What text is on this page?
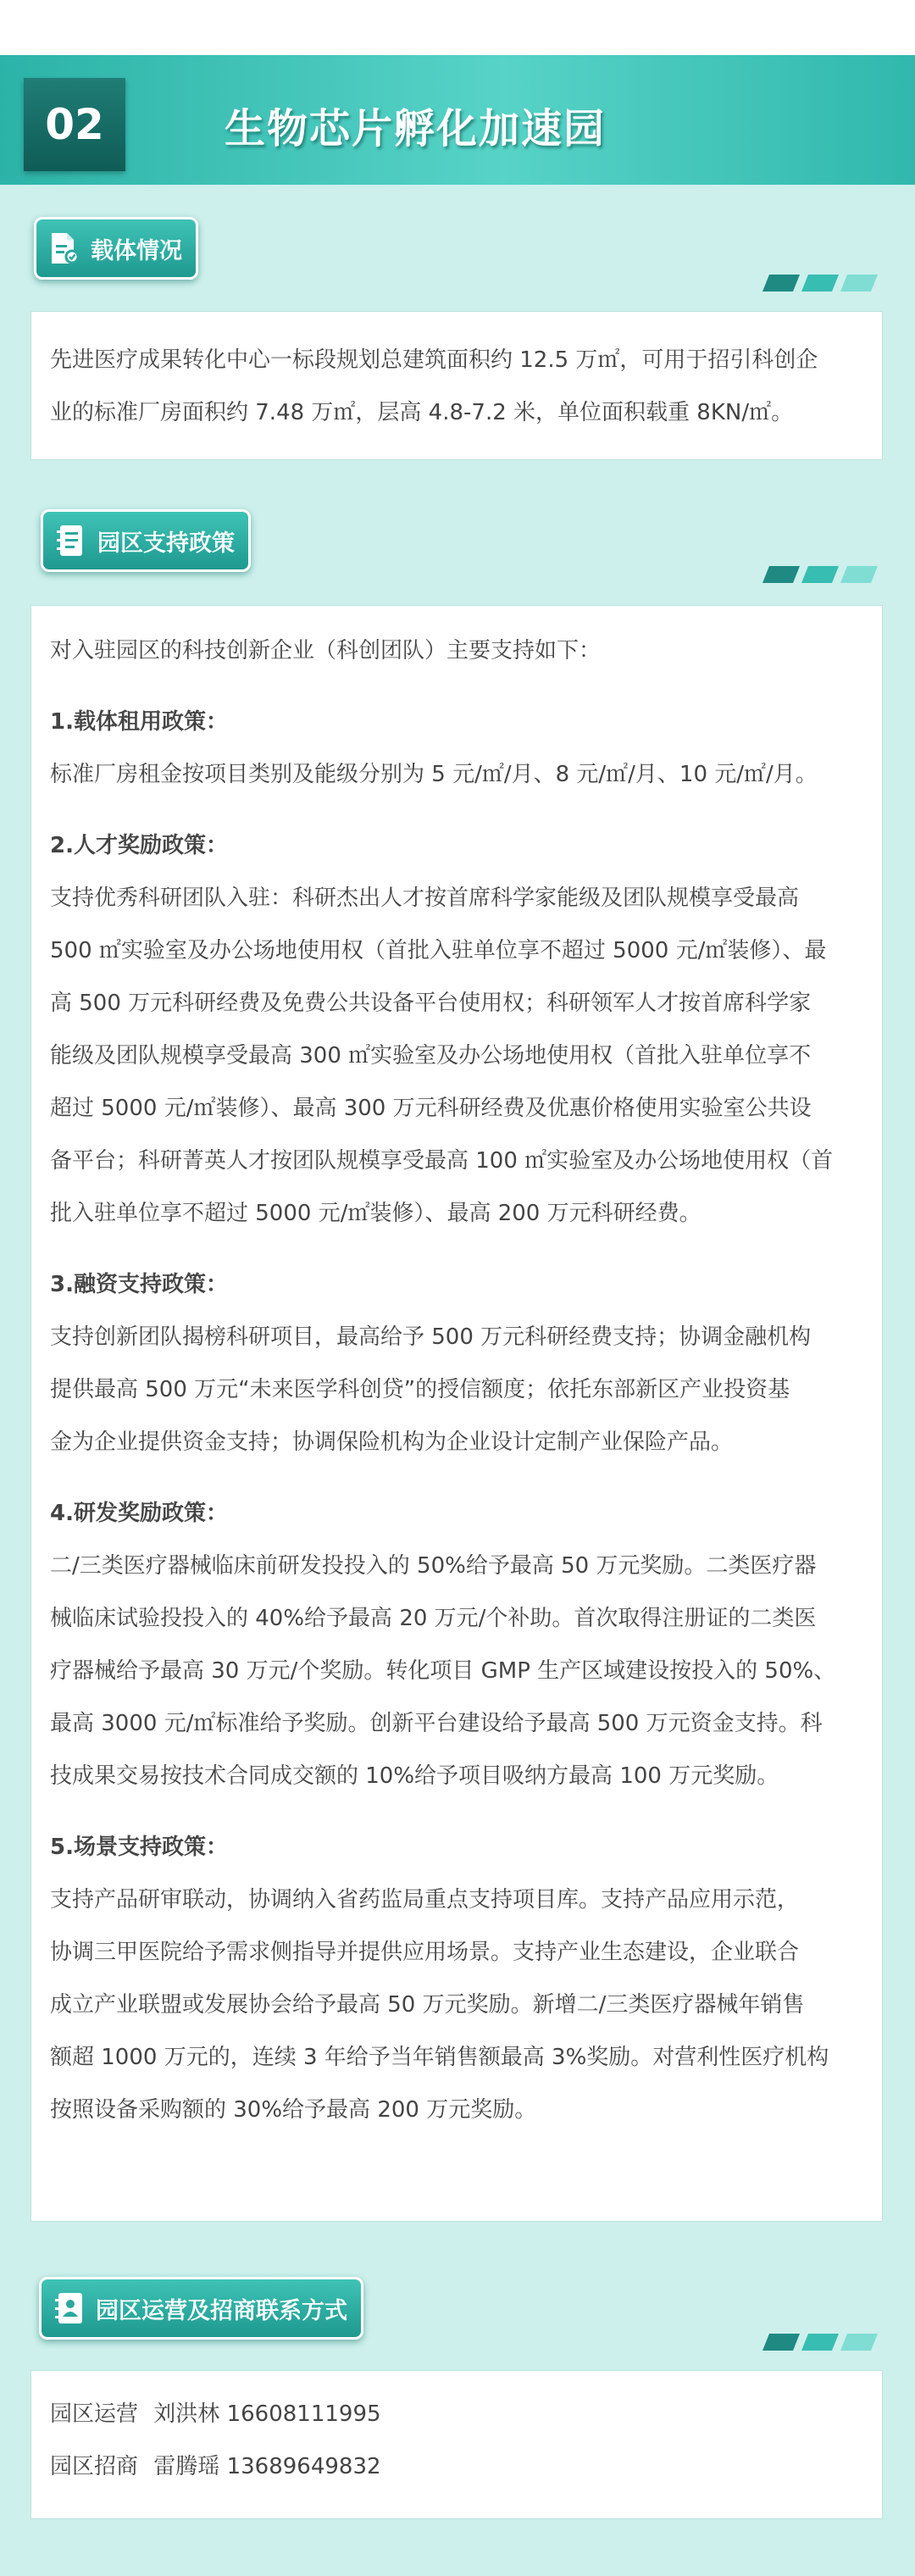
02	生物芯片孵化加速园
载体情况

先进医疗成果转化中心一标段规划总建筑面积约 12.5 万㎡，可用于招引科创企

业的标准厂房面积约 7.48 万㎡，层高 4.8-7.2 米，单位面积载重 8KN/㎡。

园区支持政策

对入驻园区的科技创新企业（科创团队）主要支持如下：

1.载体租用政策：

标准厂房租金按项目类别及能级分别为 5 元/㎡/月、8 元/㎡/月、10 元/㎡/月。

2.人才奖励政策：

支持优秀科研团队入驻：科研杰出人才按首席科学家能级及团队规模享受最高

500 ㎡实验室及办公场地使用权（首批入驻单位享不超过 5000 元/㎡装修）、最

高 500 万元科研经费及免费公共设备平台使用权；科研领军人才按首席科学家

能级及团队规模享受最高 300 ㎡实验室及办公场地使用权（首批入驻单位享不

超过 5000 元/㎡装修）、最高 300 万元科研经费及优惠价格使用实验室公共设

备平台；科研菁英人才按团队规模享受最高 100 ㎡实验室及办公场地使用权（首

批入驻单位享不超过 5000 元/㎡装修）、最高 200 万元科研经费。

3.融资支持政策：

支持创新团队揭榜科研项目，最高给予 500 万元科研经费支持；协调金融机构

提供最高 500 万元“未来医学科创贷”的授信额度；依托东部新区产业投资基

金为企业提供资金支持；协调保险机构为企业设计定制产业保险产品。

4.研发奖励政策：

二/三类医疗器械临床前研发投投入的 50%给予最高 50 万元奖励。二类医疗器

械临床试验投投入的 40%给予最高 20 万元/个补助。首次取得注册证的二类医

疗器械给予最高 30 万元/个奖励。转化项目 GMP 生产区域建设按投入的 50%、

最高 3000 元/㎡标准给予奖励。创新平台建设给予最高 500 万元资金支持。科

技成果交易按技术合同成交额的 10%给予项目吸纳方最高 100 万元奖励。

5.场景支持政策：

支持产品研审联动，协调纳入省药监局重点支持项目库。支持产品应用示范，

协调三甲医院给予需求侧指导并提供应用场景。支持产业生态建设，企业联合

成立产业联盟或发展协会给予最高 50 万元奖励。新增二/三类医疗器械年销售

额超 1000 万元的，连续 3 年给予当年销售额最高 3%奖励。对营利性医疗机构

按照设备采购额的 30%给予最高 200 万元奖励。

园区运营及招商联系方式

园区运营 刘洪林 16608111995

园区招商 雷腾瑶 13689649832
